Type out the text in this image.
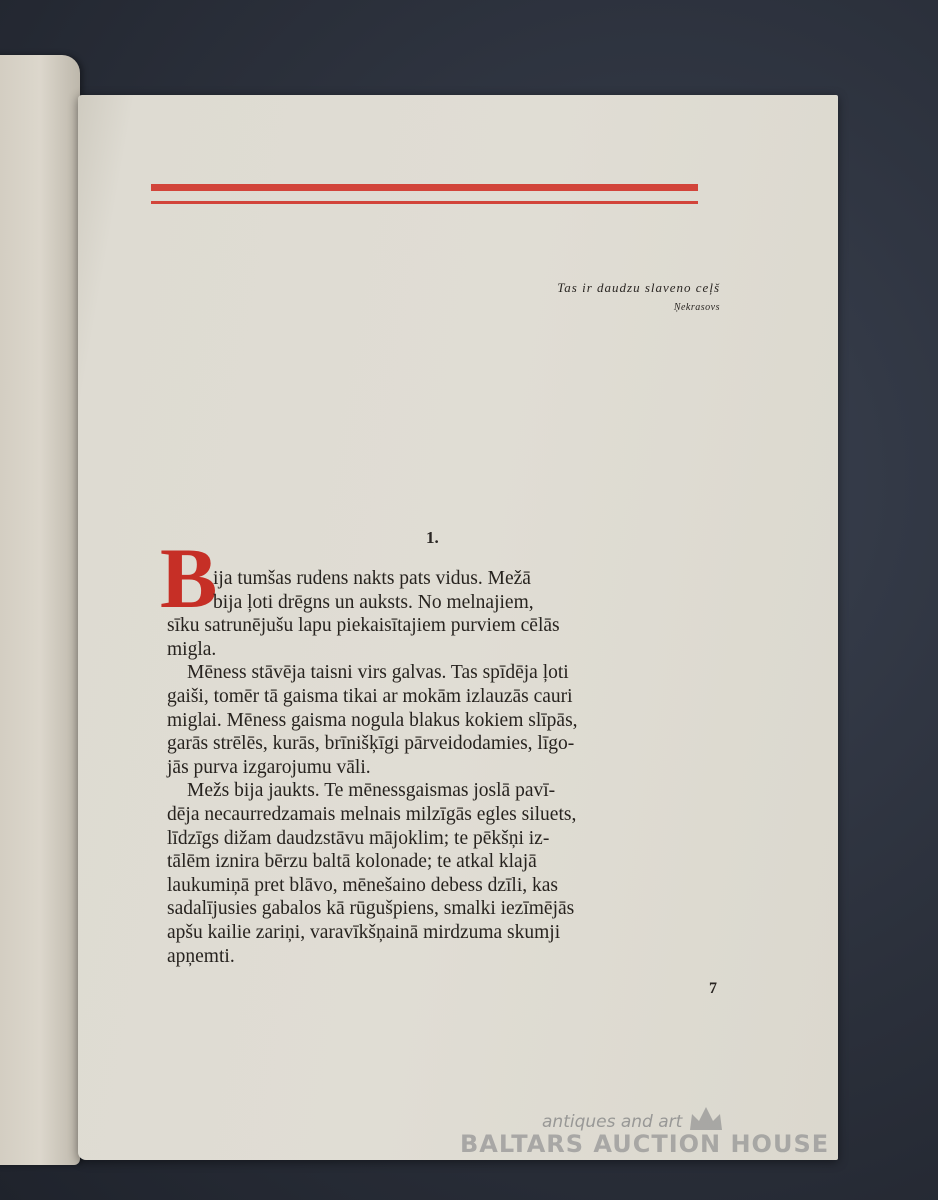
Tas ir daudzu slaveno ceļš
Ņekrasovs
1.
B
ija tumšas rudens nakts pats vidus. Mežā
bija ļoti drēgns un auksts. No melnajiem,
sīku satrunējušu lapu piekaisītajiem purviem cēlās
migla.
Mēness stāvēja taisni virs galvas. Tas spīdēja ļoti
gaiši, tomēr tā gaisma tikai ar mokām izlauzās cauri
miglai. Mēness gaisma nogula blakus kokiem slīpās,
garās strēlēs, kurās, brīnišķīgi pārveidodamies, līgo-
jās purva izgarojumu vāli.
Mežs bija jaukts. Te mēnessgaismas joslā pavī-
dēja necaurredzamais melnais milzīgās egles siluets,
līdzīgs dižam daudzstāvu mājoklim; te pēkšņi iz-
tālēm iznira bērzu baltā kolonade; te atkal klajā
laukumiņā pret blāvo, mēnešaino debess dzīli, kas
sadalījusies gabalos kā rūgušpiens, smalki iezīmējās
apšu kailie zariņi, varavīkšņainā mirdzuma skumji
apņemti.
7
antiques and art
BALTARS AUCTION HOUSE
